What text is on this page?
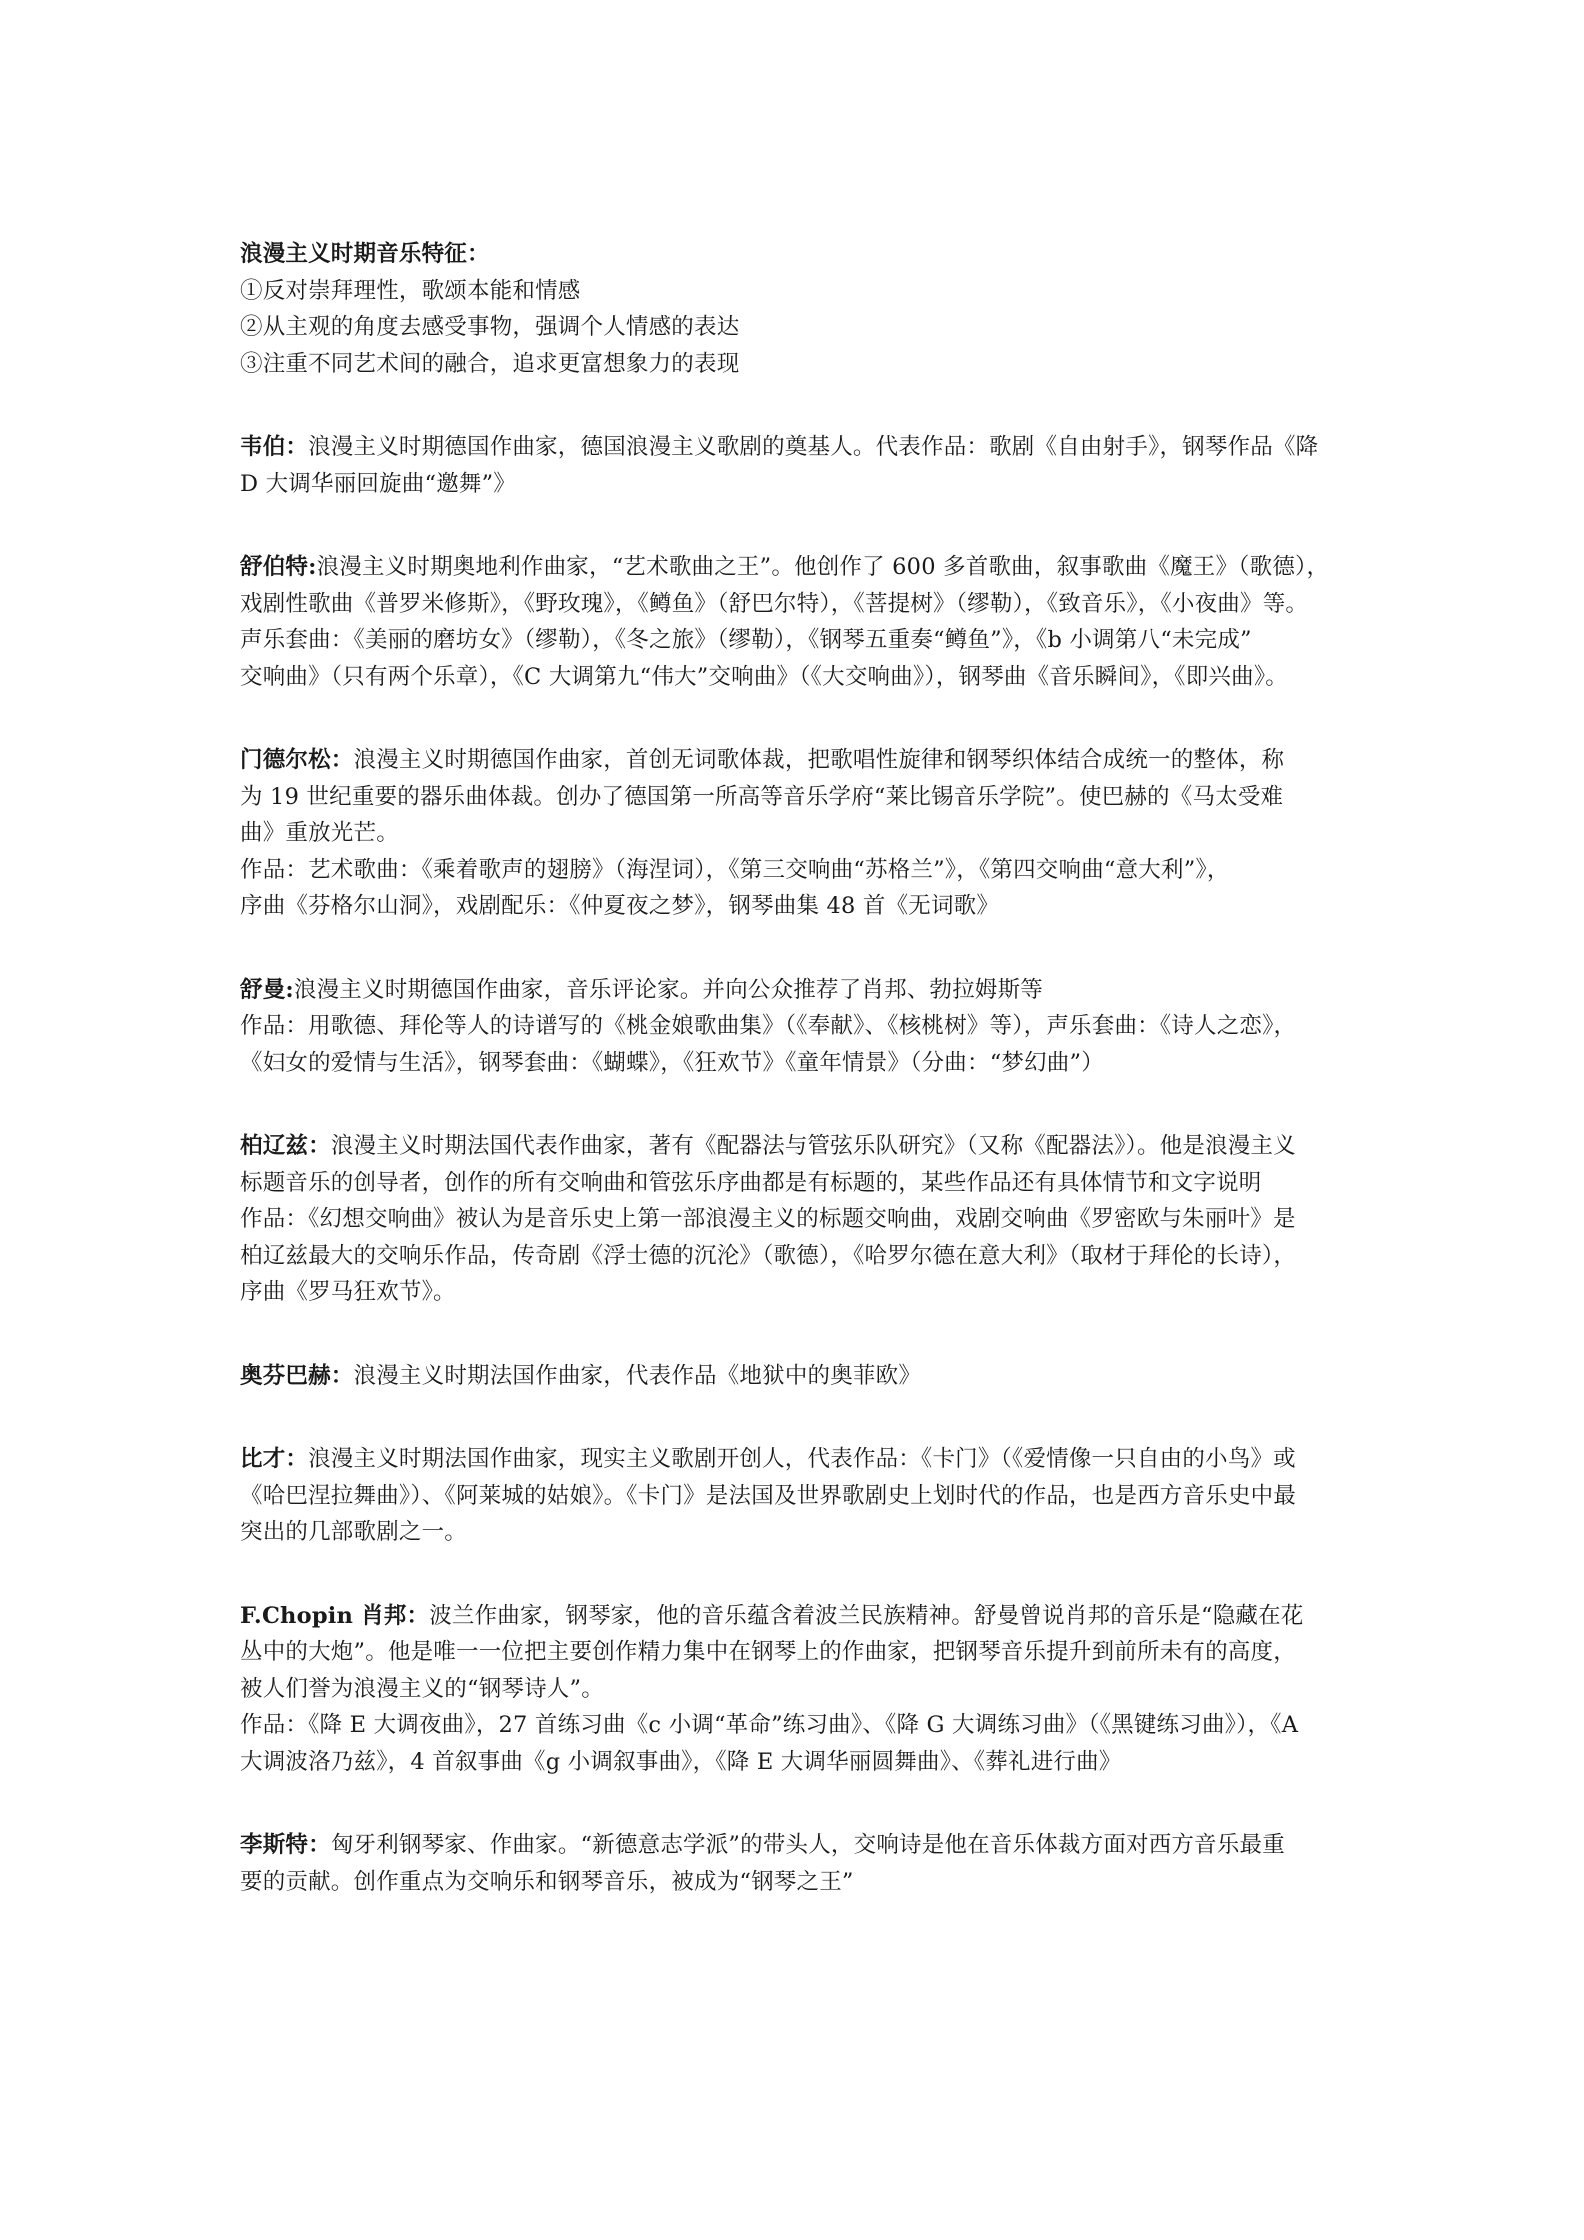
浪漫主义时期音乐特征：
①反对崇拜理性，歌颂本能和情感
②从主观的角度去感受事物，强调个人情感的表达
③注重不同艺术间的融合，追求更富想象力的表现
韦伯：浪漫主义时期德国作曲家，德国浪漫主义歌剧的奠基人。代表作品：歌剧《自由射手》，钢琴作品《降
D 大调华丽回旋曲“邀舞”》
舒伯特:浪漫主义时期奥地利作曲家，“艺术歌曲之王”。他创作了 600 多首歌曲，叙事歌曲《魔王》（歌德），
戏剧性歌曲《普罗米修斯》，《野玫瑰》，《鳟鱼》（舒巴尔特），《菩提树》（缪勒），《致音乐》，《小夜曲》等。
声乐套曲：《美丽的磨坊女》（缪勒），《冬之旅》（缪勒），《钢琴五重奏“鳟鱼”》，《b 小调第八“未完成”
交响曲》（只有两个乐章），《C 大调第九“伟大”交响曲》（《大交响曲》），钢琴曲《音乐瞬间》，《即兴曲》。
门德尔松：浪漫主义时期德国作曲家，首创无词歌体裁，把歌唱性旋律和钢琴织体结合成统一的整体，称
为 19 世纪重要的器乐曲体裁。创办了德国第一所高等音乐学府“莱比锡音乐学院”。使巴赫的《马太受难
曲》重放光芒。
作品：艺术歌曲：《乘着歌声的翅膀》（海涅词），《第三交响曲“苏格兰”》，《第四交响曲“意大利”》，
序曲《芬格尔山洞》，戏剧配乐：《仲夏夜之梦》，钢琴曲集 48 首《无词歌》
舒曼:浪漫主义时期德国作曲家，音乐评论家。并向公众推荐了肖邦、勃拉姆斯等
作品：用歌德、拜伦等人的诗谱写的《桃金娘歌曲集》（《奉献》、《核桃树》等），声乐套曲：《诗人之恋》，
《妇女的爱情与生活》，钢琴套曲：《蝴蝶》，《狂欢节》《童年情景》（分曲：“梦幻曲”）
柏辽兹：浪漫主义时期法国代表作曲家，著有《配器法与管弦乐队研究》（又称《配器法》）。他是浪漫主义
标题音乐的创导者，创作的所有交响曲和管弦乐序曲都是有标题的，某些作品还有具体情节和文字说明
作品：《幻想交响曲》被认为是音乐史上第一部浪漫主义的标题交响曲，戏剧交响曲《罗密欧与朱丽叶》是
柏辽兹最大的交响乐作品，传奇剧《浮士德的沉沦》（歌德），《哈罗尔德在意大利》（取材于拜伦的长诗），
序曲《罗马狂欢节》。
奥芬巴赫：浪漫主义时期法国作曲家，代表作品《地狱中的奥菲欧》
比才：浪漫主义时期法国作曲家，现实主义歌剧开创人，代表作品：《卡门》（《爱情像一只自由的小鸟》或
《哈巴涅拉舞曲》）、《阿莱城的姑娘》。《卡门》是法国及世界歌剧史上划时代的作品，也是西方音乐史中最
突出的几部歌剧之一。
F.Chopin 肖邦：波兰作曲家，钢琴家，他的音乐蕴含着波兰民族精神。舒曼曾说肖邦的音乐是“隐藏在花
丛中的大炮”。他是唯一一位把主要创作精力集中在钢琴上的作曲家，把钢琴音乐提升到前所未有的高度，
被人们誉为浪漫主义的“钢琴诗人”。
作品：《降 E 大调夜曲》，27 首练习曲《c 小调“革命”练习曲》、《降 G 大调练习曲》（《黑键练习曲》），《A
大调波洛乃兹》，4 首叙事曲《g 小调叙事曲》，《降 E 大调华丽圆舞曲》、《葬礼进行曲》
李斯特：匈牙利钢琴家、作曲家。“新德意志学派”的带头人，交响诗是他在音乐体裁方面对西方音乐最重
要的贡献。创作重点为交响乐和钢琴音乐，被成为“钢琴之王”
